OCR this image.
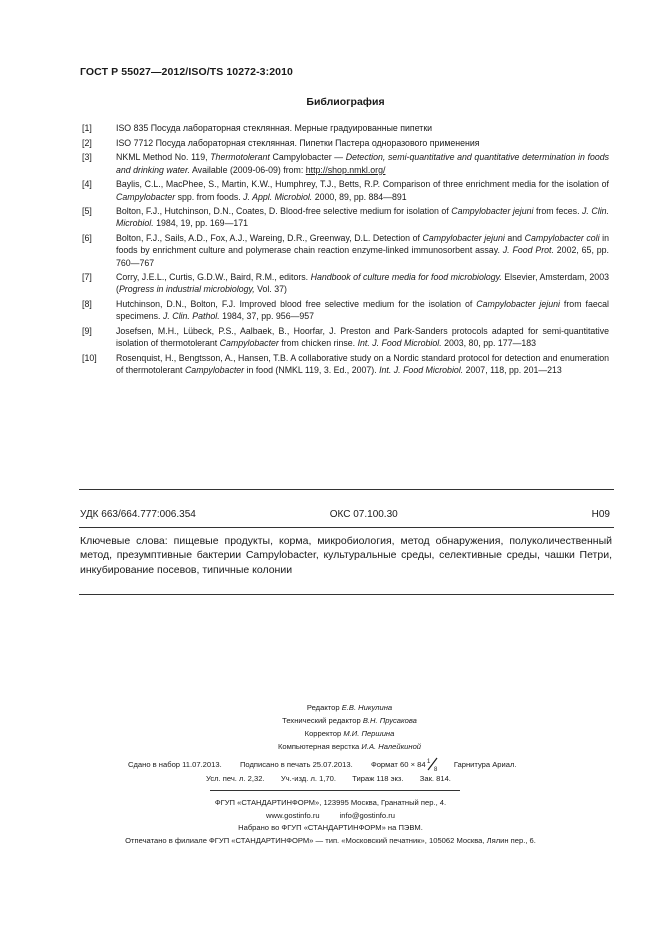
ГОСТ Р 55027—2012/ISO/TS 10272-3:2010
Библиография
[1]	ISO 835 Посуда лабораторная стеклянная. Мерные градуированные пипетки
[2]	ISO 7712 Посуда лабораторная стеклянная. Пипетки Пастера одноразового применения
[3]	NKML Method No. 119, Thermotolerant Campylobacter — Detection, semi-quantitative and quantitative determination in foods and drinking water. Available (2009-06-09) from: http://shop.nmkl.org/
[4]	Baylis, C.L., MacPhee, S., Martin, K.W., Humphrey, T.J., Betts, R.P. Comparison of three enrichment media for the isolation of Campylobacter spp. from foods. J. Appl. Microbiol. 2000, 89, pp. 884—891
[5]	Bolton, F.J., Hutchinson, D.N., Coates, D. Blood-free selective medium for isolation of Campylobacter jejuni from feces. J. Clin. Microbiol. 1984, 19, pp. 169—171
[6]	Bolton, F.J., Sails, A.D., Fox, A.J., Wareing, D.R., Greenway, D.L. Detection of Campylobacter jejuni and Campylobacter coli in foods by enrichment culture and polymerase chain reaction enzyme-linked immunosorbent assay. J. Food Prot. 2002, 65, pp. 760—767
[7]	Corry, J.E.L., Curtis, G.D.W., Baird, R.M., editors. Handbook of culture media for food microbiology. Elsevier, Amsterdam, 2003 (Progress in industrial microbiology, Vol. 37)
[8]	Hutchinson, D.N., Bolton, F.J. Improved blood free selective medium for the isolation of Campylobacter jejuni from faecal specimens. J. Clin. Pathol. 1984, 37, pp. 956—957
[9]	Josefsen, M.H., Lübeck, P.S., Aalbaek, B., Hoorfar, J. Preston and Park-Sanders protocols adapted for semi-quantitative isolation of thermotolerant Campylobacter from chicken rinse. Int. J. Food Microbiol. 2003, 80, pp. 177—183
[10]	Rosenquist, H., Bengtsson, A., Hansen, T.B. A collaborative study on a Nordic standard protocol for detection and enumeration of thermotolerant Campylobacter in food (NMKL 119, 3. Ed., 2007). Int. J. Food Microbiol. 2007, 118, pp. 201—213
УДК 663/664.777:006.354	ОКС 07.100.30	H09
Ключевые слова: пищевые продукты, корма, микробиология, метод обнаружения, полуколичественный метод, презумптивные бактерии Campylobacter, культуральные среды, селективные среды, чашки Петри, инкубирование посевов, типичные колонии
Редактор Е.В. Никулина
Технический редактор В.Н. Прусакова
Корректор М.И. Першина
Компьютерная верстка И.А. Налейкиной
Сдано в набор 11.07.2013. Подписано в печать 25.07.2013. Формат 60 × 84 1
8
Гарнитура Ариал.
Усл. печ. л. 2,32. Уч.-изд. л. 1,70. Тираж 118 экз. Зак. 814.
ФГУП «СТАНДАРТИНФОРМ», 123995 Москва, Гранатный пер., 4.
www.gostinfo.ru	info@gostinfo.ru
Набрано во ФГУП «СТАНДАРТИНФОРМ» на ПЭВМ.
Отпечатано в филиале ФГУП «СТАНДАРТИНФОРМ» — тип. «Московский печатник», 105062 Москва, Лялин пер., 6.
